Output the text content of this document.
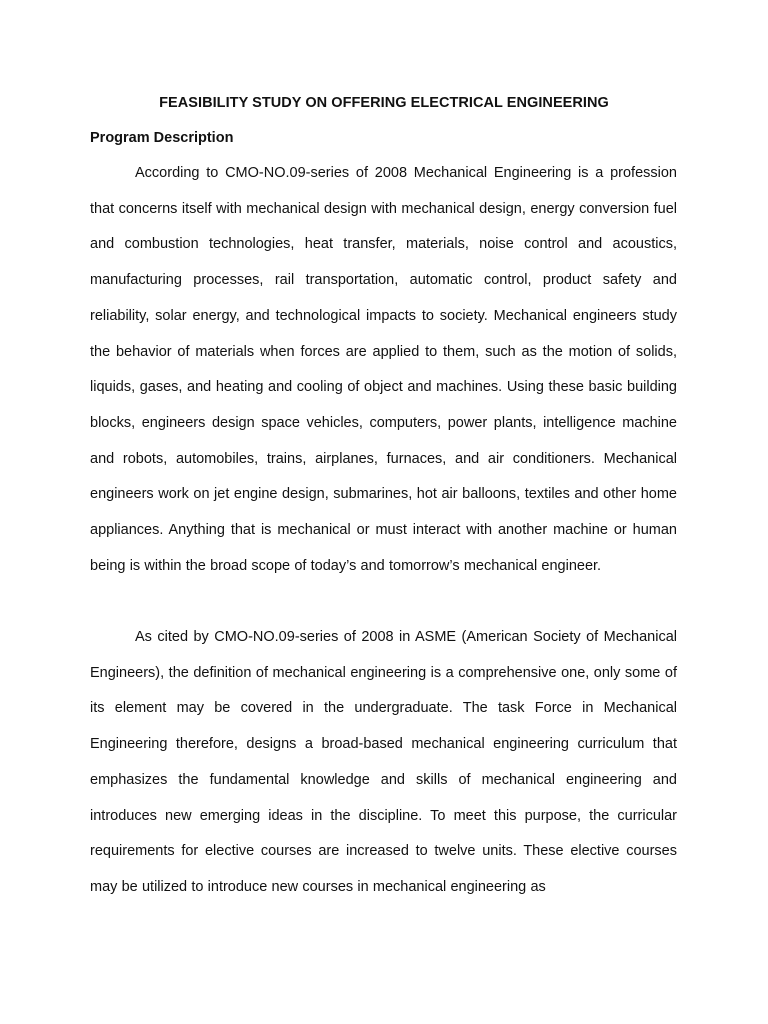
FEASIBILITY STUDY ON OFFERING ELECTRICAL ENGINEERING
Program Description

According to CMO-NO.09-series of 2008 Mechanical Engineering is a profession that concerns itself with mechanical design with mechanical design, energy conversion fuel and combustion technologies, heat transfer, materials, noise control and acoustics, manufacturing processes, rail transportation, automatic control, product safety and reliability, solar energy, and technological impacts to society. Mechanical engineers study the behavior of materials when forces are applied to them, such as the motion of solids, liquids, gases, and heating and cooling of object and machines. Using these basic building blocks, engineers design space vehicles, computers, power plants, intelligence machine and robots, automobiles, trains, airplanes, furnaces, and air conditioners. Mechanical engineers work on jet engine design, submarines, hot air balloons, textiles and other home appliances. Anything that is mechanical or must interact with another machine or human being is within the broad scope of today’s and tomorrow’s mechanical engineer.

As cited by CMO-NO.09-series of 2008 in ASME (American Society of Mechanical Engineers), the definition of mechanical engineering is a comprehensive one, only some of its element may be covered in the undergraduate. The task Force in Mechanical Engineering therefore, designs a broad-based mechanical engineering curriculum that emphasizes the fundamental knowledge and skills of mechanical engineering and introduces new emerging ideas in the discipline. To meet this purpose, the curricular requirements for elective courses are increased to twelve units. These elective courses may be utilized to introduce new courses in mechanical engineering as
